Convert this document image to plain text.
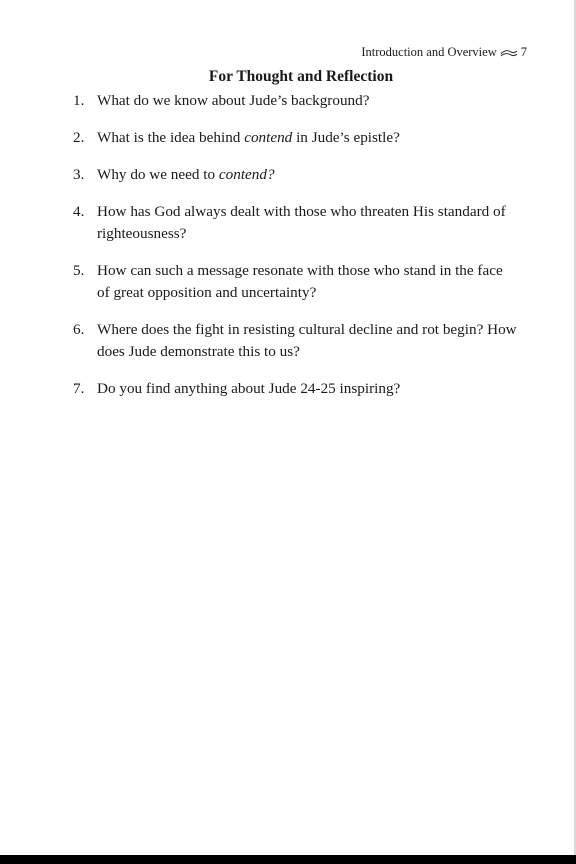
Introduction and Overview 7
For Thought and Reflection
1. What do we know about Jude’s background?
2. What is the idea behind contend in Jude’s epistle?
3. Why do we need to contend?
4. How has God always dealt with those who threaten His standard of righteousness?
5. How can such a message resonate with those who stand in the face of great opposition and uncertainty?
6. Where does the fight in resisting cultural decline and rot begin? How does Jude demonstrate this to us?
7. Do you find anything about Jude 24-25 inspiring?
